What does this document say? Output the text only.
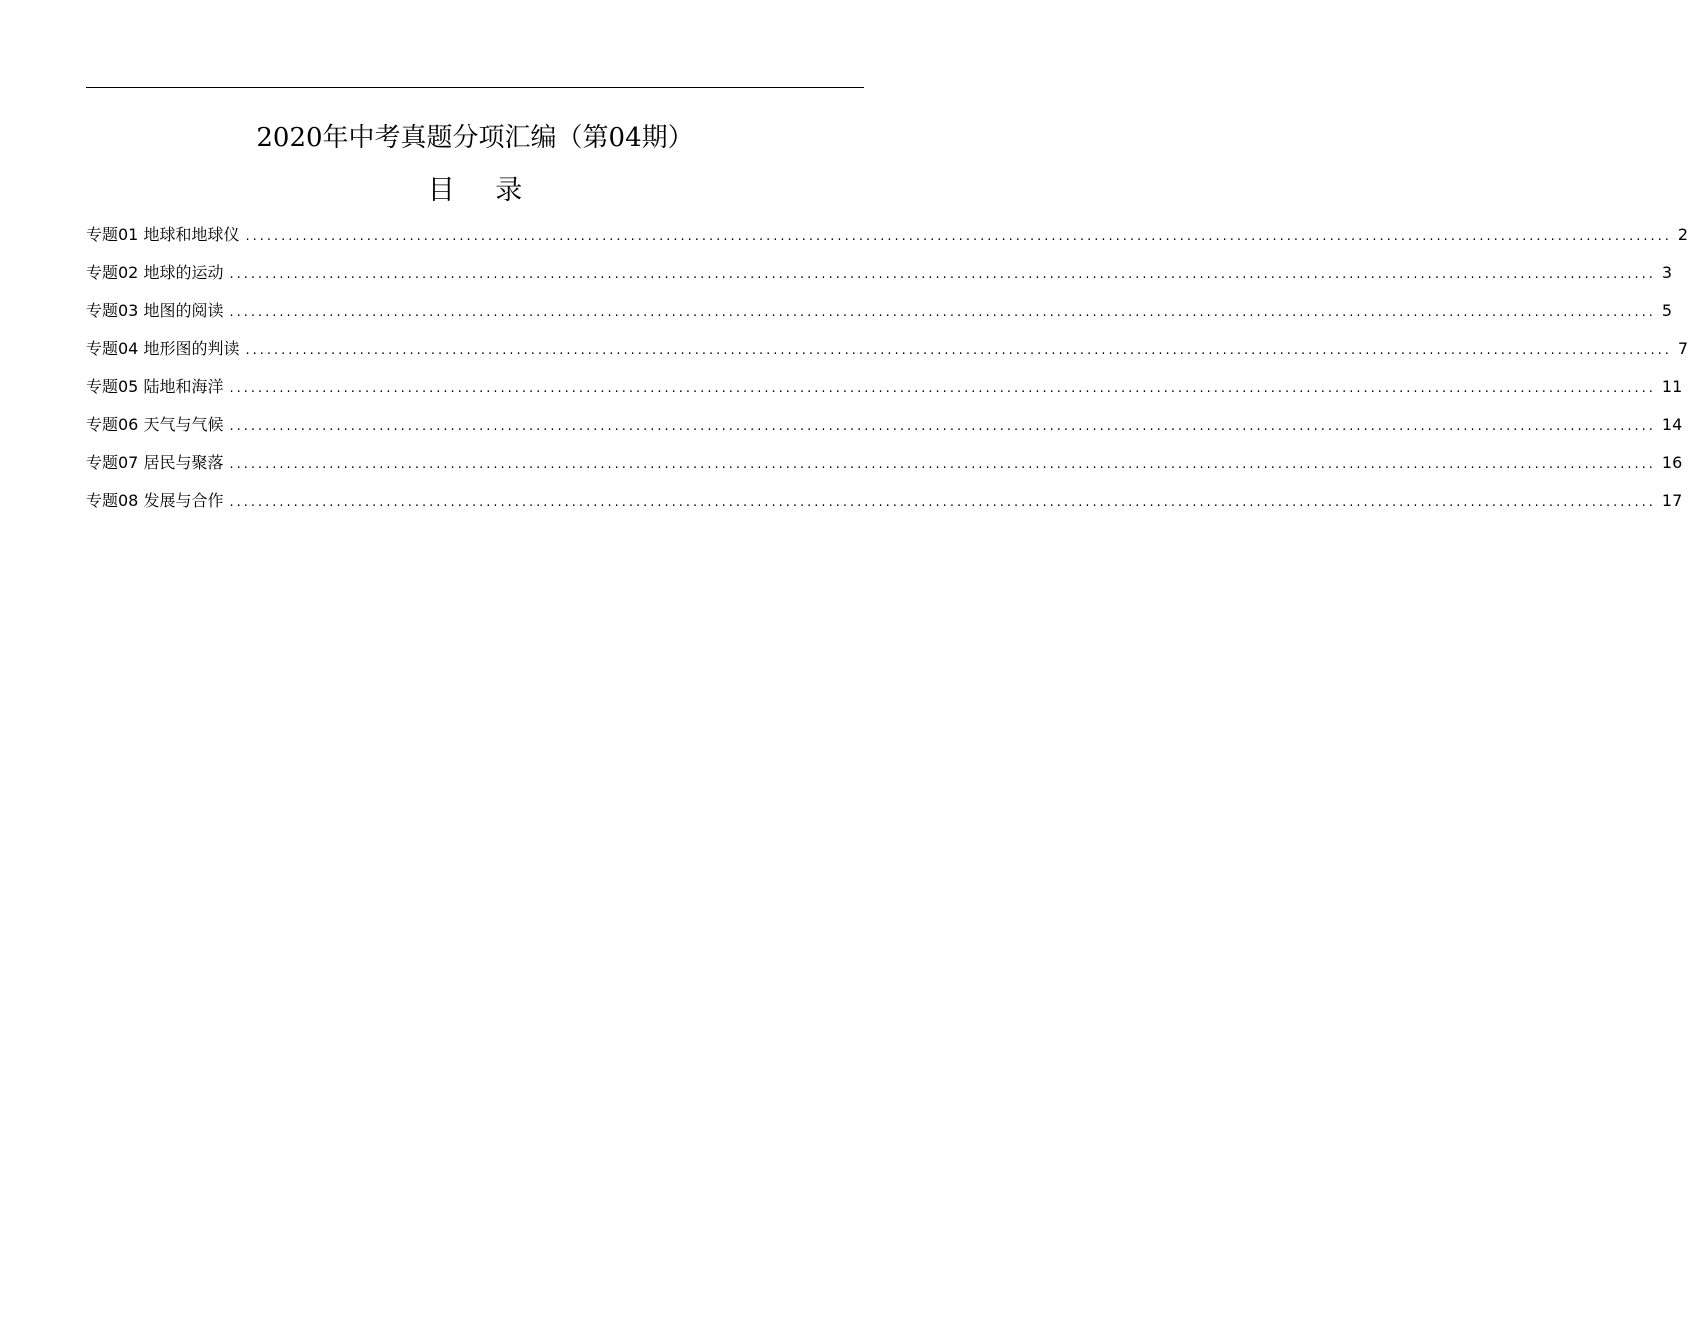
2020年中考真题分项汇编（第04期）
目 录
专题01 地球和地球仪 ........................................................................................................................................................................................................ 2
专题02 地球的运动 ........................................................................................................................................................................................................ 3
专题03 地图的阅读 ........................................................................................................................................................................................................ 5
专题04 地形图的判读 ........................................................................................................................................................................................................ 7
专题05 陆地和海洋 ........................................................................................................................................................................................................ 11
专题06 天气与气候 ........................................................................................................................................................................................................ 14
专题07 居民与聚落 ........................................................................................................................................................................................................ 16
专题08 发展与合作 ........................................................................................................................................................................................................ 17
